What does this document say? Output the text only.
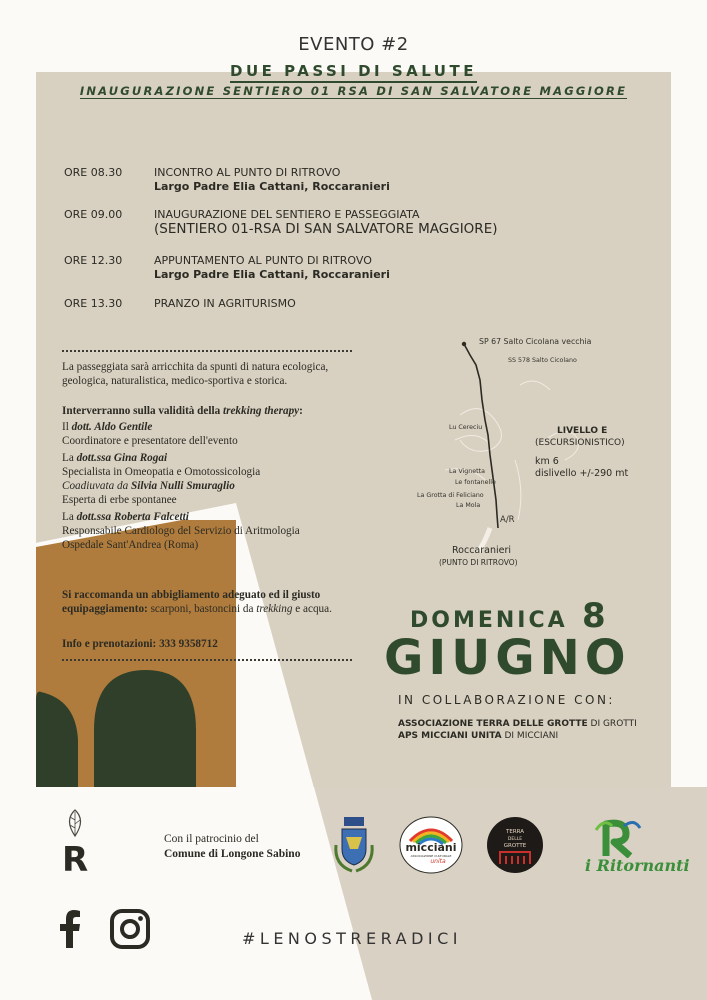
EVENTO #2
DUE PASSI DI SALUTE
INAUGURAZIONE SENTIERO 01 RSA DI SAN SALVATORE MAGGIORE
ORE 08.30	INCONTRO AL PUNTO DI RITROVO
Largo Padre Elia Cattani, Roccaranieri
ORE 09.00	INAUGURAZIONE DEL SENTIERO E PASSEGGIATA
(SENTIERO 01-RSA DI SAN SALVATORE MAGGIORE)
ORE 12.30	APPUNTAMENTO AL PUNTO DI RITROVO
Largo Padre Elia Cattani, Roccaranieri
ORE 13.30	PRANZO IN AGRITURISMO
La passeggiata sarà arricchita da spunti di natura ecologica,
geologica, naturalistica, medico-sportiva e storica.
Interverranno sulla validità della trekking therapy:
Il dott. Aldo Gentile
Coordinatore e presentatore dell'evento
La dott.ssa Gina Rogai
Specialista in Omeopatia e Omotossicologia
Coadiuvata da Silvia Nulli Smuraglio
Esperta di erbe spontanee
La dott.ssa Roberta Falcetti
Responsabile Cardiologo del Servizio di Aritmologia
Ospedale Sant'Andrea (Roma)
Si raccomanda un abbigliamento adeguato ed il giusto
equipaggiamento: scarponi, bastoncini da trekking e acqua.
Info e prenotazioni: 333 9358712
SP 67 Salto Cicolana vecchia
SS 578 Salto Cicolano
Lu Cereciu
La Vignetta
Le fontanelle
La Grotta di Feliciano
La Mola
A/R
Roccaranieri
(PUNTO DI RITROVO)
LIVELLO E
(ESCURSIONISTICO)
km 6
dislivello +/-290 mt
DOMENICA 8
GIUGNO
IN COLLABORAZIONE CON:
ASSOCIAZIONE TERRA DELLE GROTTE DI GROTTI
APS MICCIANI UNITA DI MICCIANI
R
Con il patrocinio del
Comune di Longone Sabino	micciani
ASSOCIAZIONE CULTURALE
unita
TERRA
DELLE
GROTTE
i Ritornanti
#LENOSTRERADICI
